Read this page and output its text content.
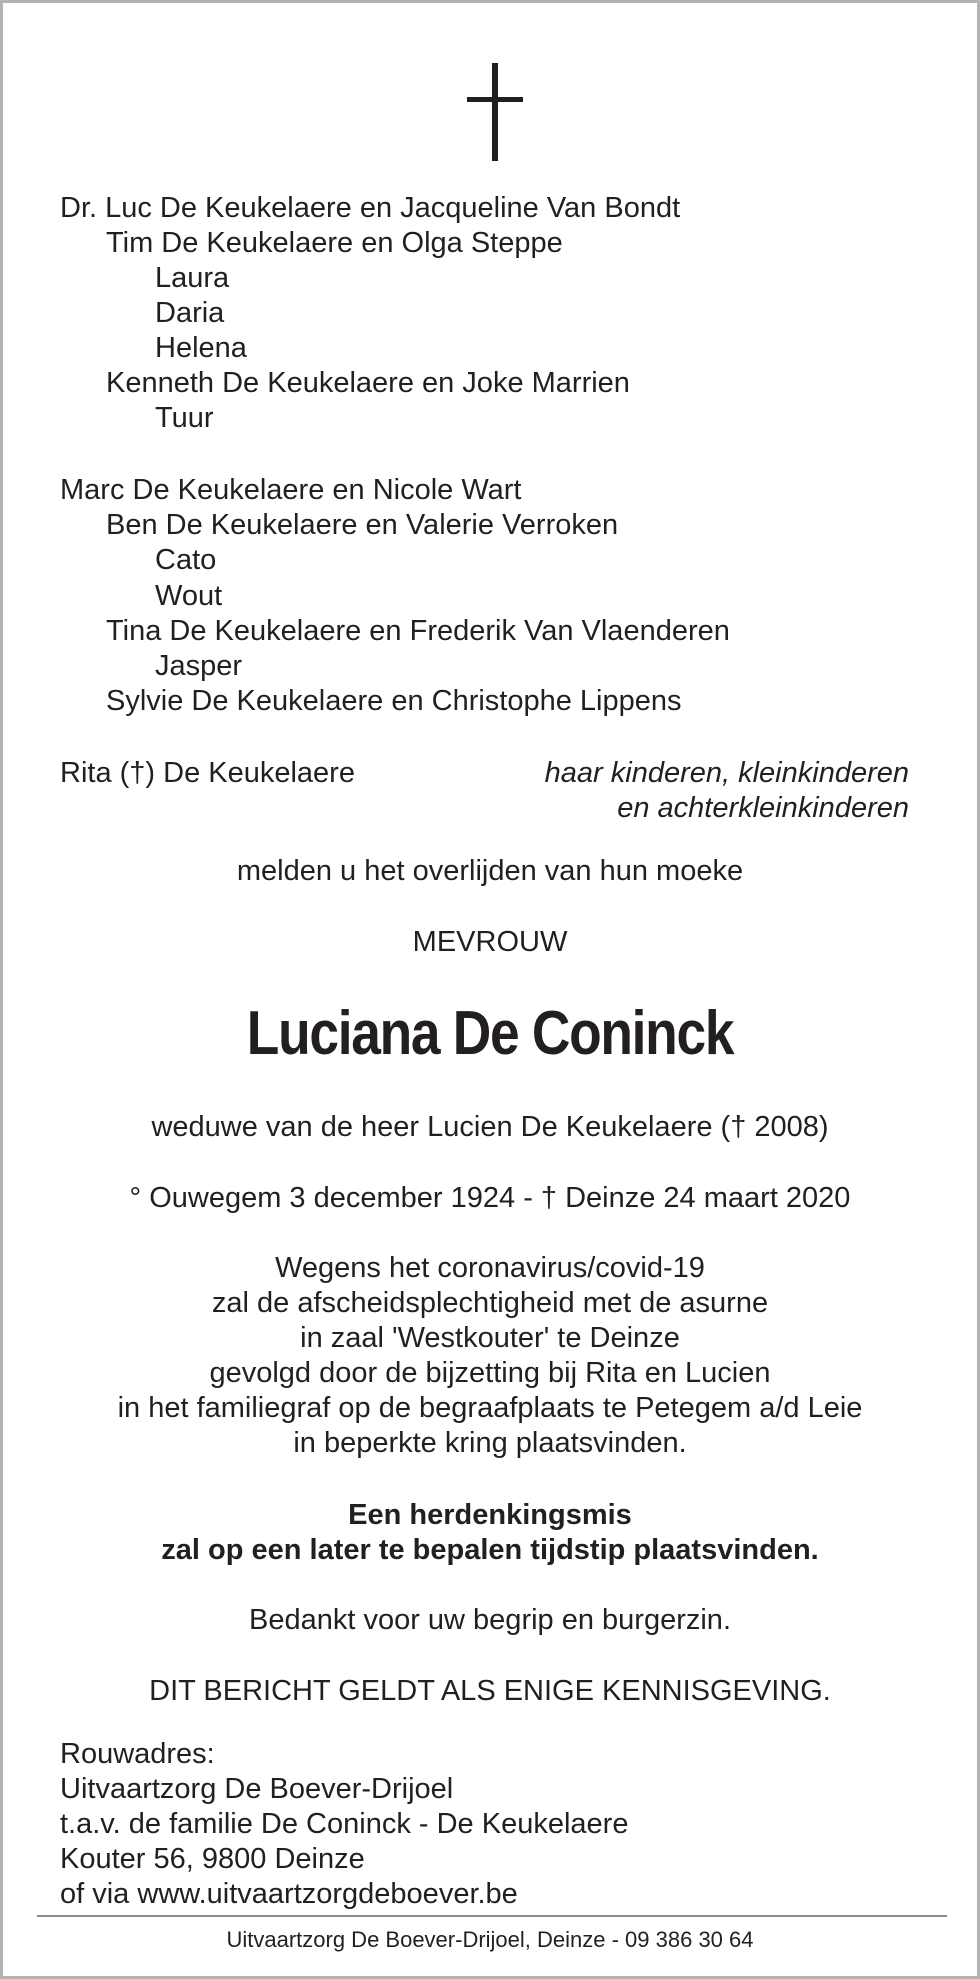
Dr. Luc De Keukelaere en Jacqueline Van Bondt
Tim De Keukelaere en Olga Steppe
Laura
Daria
Helena
Kenneth De Keukelaere en Joke Marrien
Tuur
Marc De Keukelaere en Nicole Wart
Ben De Keukelaere en Valerie Verroken
Cato
Wout
Tina De Keukelaere en Frederik Van Vlaenderen
Jasper
Sylvie De Keukelaere en Christophe Lippens
Rita (†) De Keukelaere	haar kinderen, kleinkinderen
en achterkleinkinderen
melden u het overlijden van hun moeke
MEVROUW
Luciana De Coninck
weduwe van de heer Lucien De Keukelaere († 2008)
° Ouwegem 3 december 1924 - † Deinze 24 maart 2020
Wegens het coronavirus/covid-19
zal de afscheidsplechtigheid met de asurne
in zaal 'Westkouter' te Deinze
gevolgd door de bijzetting bij Rita en Lucien
in het familiegraf op de begraafplaats te Petegem a/d Leie
in beperkte kring plaatsvinden.
Een herdenkingsmis
zal op een later te bepalen tijdstip plaatsvinden.
Bedankt voor uw begrip en burgerzin.
DIT BERICHT GELDT ALS ENIGE KENNISGEVING.
Rouwadres:
Uitvaartzorg De Boever-Drijoel
t.a.v. de familie De Coninck - De Keukelaere
Kouter 56, 9800 Deinze
of via www.uitvaartzorgdeboever.be
Uitvaartzorg De Boever-Drijoel, Deinze - 09 386 30 64
